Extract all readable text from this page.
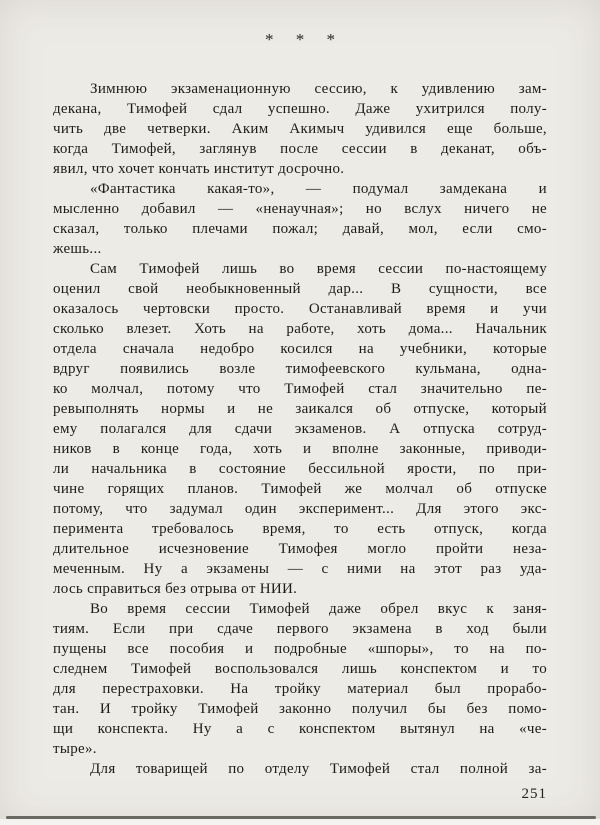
* * *
Зимнюю экзаменационную сессию, к удивлению зам-
декана, Тимофей сдал успешно. Даже ухитрился полу-
чить две четверки. Аким Акимыч удивился еще больше,
когда Тимофей, заглянув после сессии в деканат, объ-
явил, что хочет кончать институт досрочно.
«Фантастика какая-то», — подумал замдекана и
мысленно добавил — «ненаучная»; но вслух ничего не
сказал, только плечами пожал; давай, мол, если смо-
жешь...
Сам Тимофей лишь во время сессии по-настоящему
оценил свой необыкновенный дар... В сущности, все
оказалось чертовски просто. Останавливай время и учи
сколько влезет. Хоть на работе, хоть дома... Начальник
отдела сначала недобро косился на учебники, которые
вдруг появились возле тимофеевского кульмана, одна-
ко молчал, потому что Тимофей стал значительно пе-
ревыполнять нормы и не заикался об отпуске, который
ему полагался для сдачи экзаменов. А отпуска сотруд-
ников в конце года, хоть и вполне законные, приводи-
ли начальника в состояние бессильной ярости, по при-
чине горящих планов. Тимофей же молчал об отпуске
потому, что задумал один эксперимент... Для этого экс-
перимента требовалось время, то есть отпуск, когда
длительное исчезновение Тимофея могло пройти неза-
меченным. Ну а экзамены — с ними на этот раз уда-
лось справиться без отрыва от НИИ.
Во время сессии Тимофей даже обрел вкус к заня-
тиям. Если при сдаче первого экзамена в ход были
пущены все пособия и подробные «шпоры», то на по-
следнем Тимофей воспользовался лишь конспектом и то
для перестраховки. На тройку материал был прорабо-
тан. И тройку Тимофей законно получил бы без помо-
щи конспекта. Ну а с конспектом вытянул на «че-
тыре».
Для товарищей по отделу Тимофей стал полной за-
251
